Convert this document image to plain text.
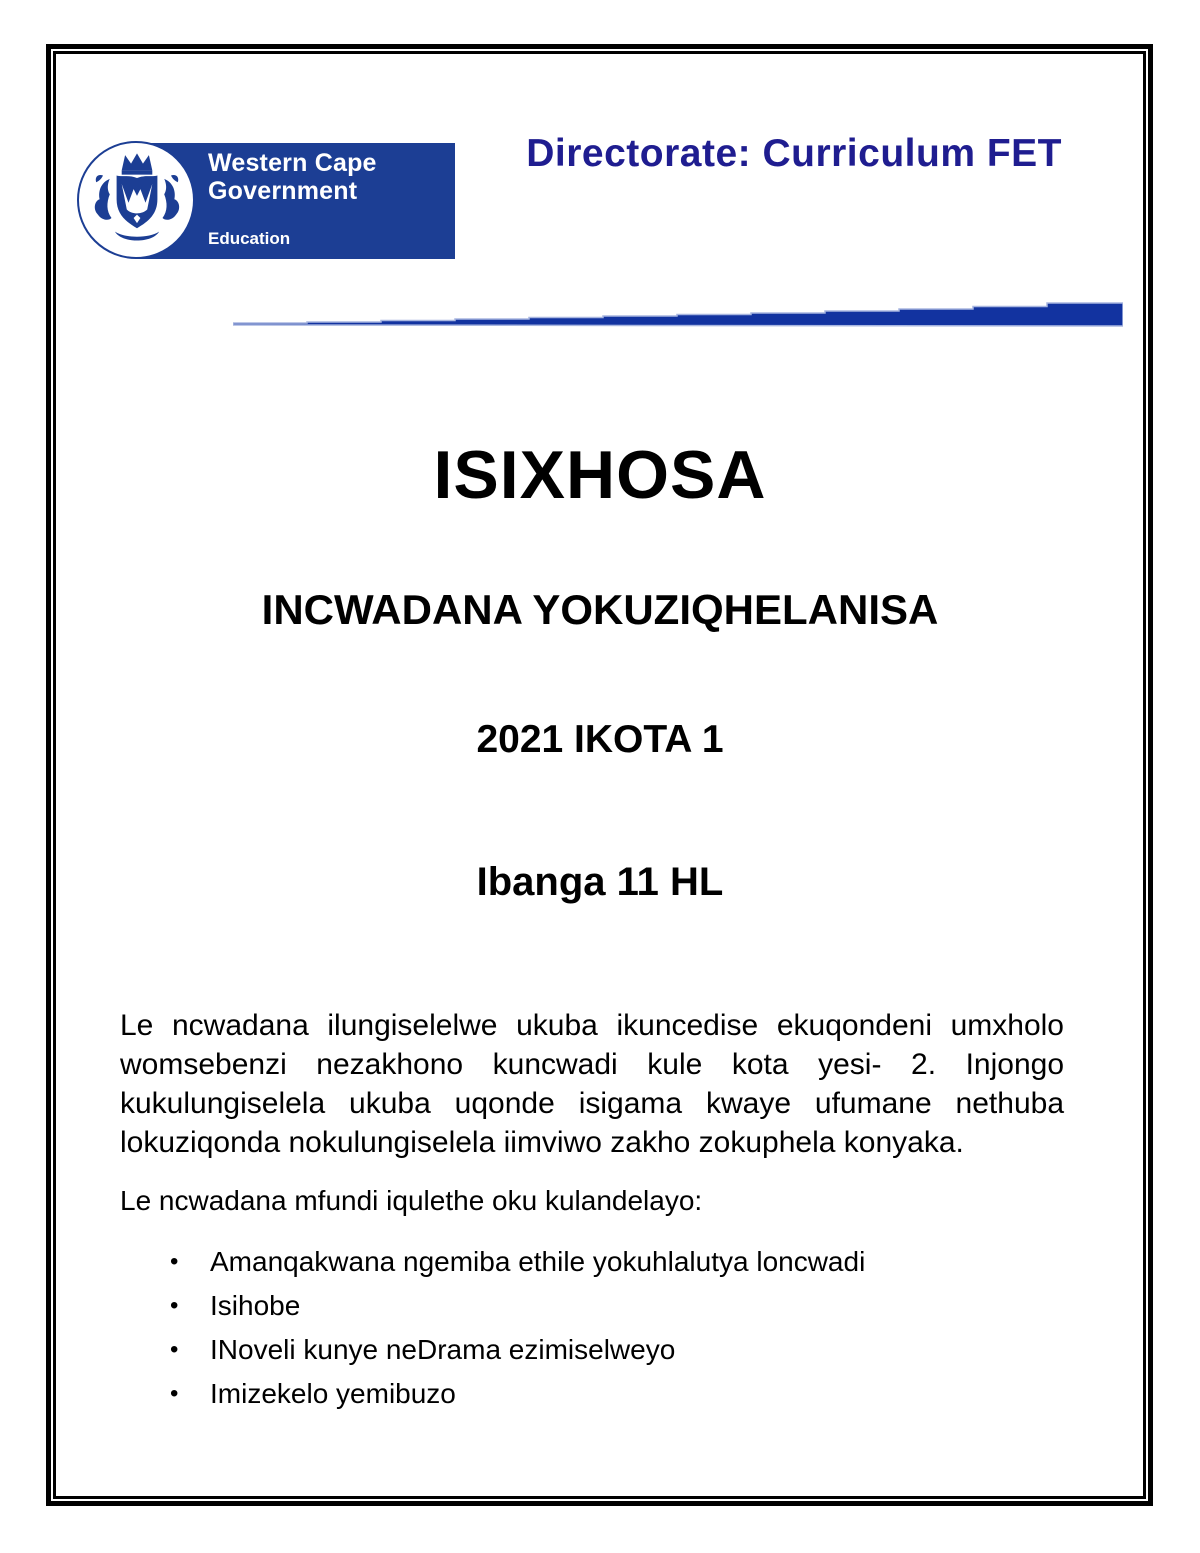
Western Cape
Government
Education
Directorate: Curriculum FET
ISIXHOSA
INCWADANA YOKUZIQHELANISA
2021 IKOTA 1
Ibanga 11 HL

Le ncwadana ilungiselelwe ukuba ikuncedise ekuqondeni umxholo womsebenzi nezakhono kuncwadi kule kota yesi- 2. Injongo kukulungiselela ukuba uqonde isigama kwaye ufumane nethuba lokuziqonda nokulungiselela iimviwo zakho zokuphela konyaka.

Le ncwadana mfundi iqulethe oku kulandelayo:

•	Amanqakwana ngemiba ethile yokuhlalutya loncwadi
•	Isihobe
•	INoveli kunye neDrama ezimiselweyo
•	Imizekelo yemibuzo
